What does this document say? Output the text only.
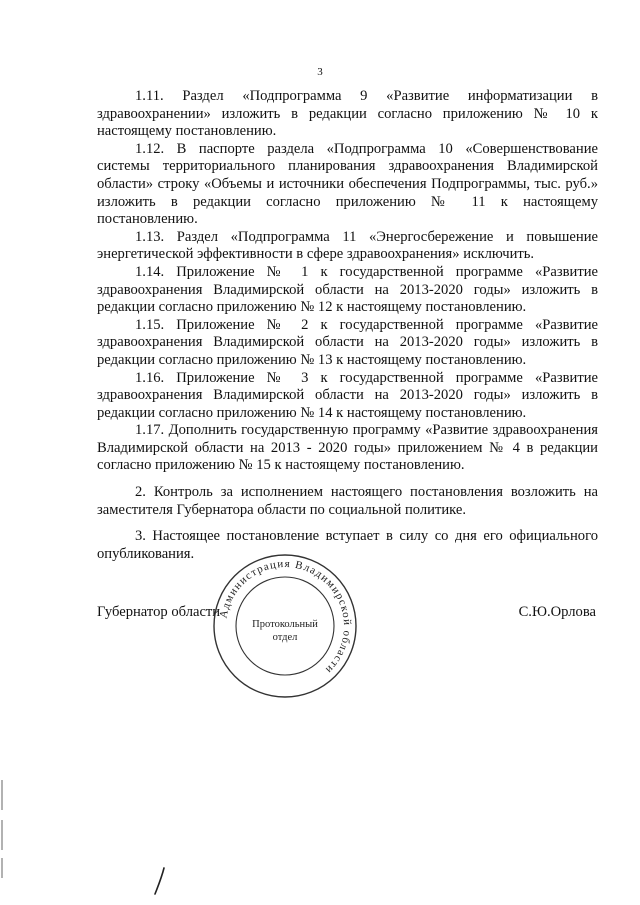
3

1.11. Раздел «Подпрограмма 9 «Развитие информатизации в здравоохранении» изложить в редакции согласно приложению № 10 к настоящему постановлению.

1.12. В паспорте раздела «Подпрограмма 10 «Совершенствование системы территориального планирования здравоохранения Владимирской области» строку «Объемы и источники обеспечения Подпрограммы, тыс. руб.» изложить в редакции согласно приложению № 11 к настоящему постановлению.

1.13. Раздел «Подпрограмма 11 «Энергосбережение и повышение энергетической эффективности в сфере здравоохранения» исключить.

1.14. Приложение № 1 к государственной программе «Развитие здравоохранения Владимирской области на 2013-2020 годы» изложить в редакции согласно приложению № 12 к настоящему постановлению.

1.15. Приложение № 2 к государственной программе «Развитие здравоохранения Владимирской области на 2013-2020 годы» изложить в редакции согласно приложению № 13 к настоящему постановлению.

1.16. Приложение № 3 к государственной программе «Развитие здравоохранения Владимирской области на 2013-2020 годы» изложить в редакции согласно приложению № 14 к настоящему постановлению.

1.17. Дополнить государственную программу «Развитие здравоохранения Владимирской области на 2013 - 2020 годы» приложением № 4 в редакции согласно приложению № 15 к настоящему постановлению.

2. Контроль за исполнением настоящего постановления возложить на заместителя Губернатора области по социальной политике.

3. Настоящее постановление вступает в силу со дня его официального опубликования.

Губернатор области	С.Ю.Орлова
Администрация Владимирской области
Протокольный
отдел
